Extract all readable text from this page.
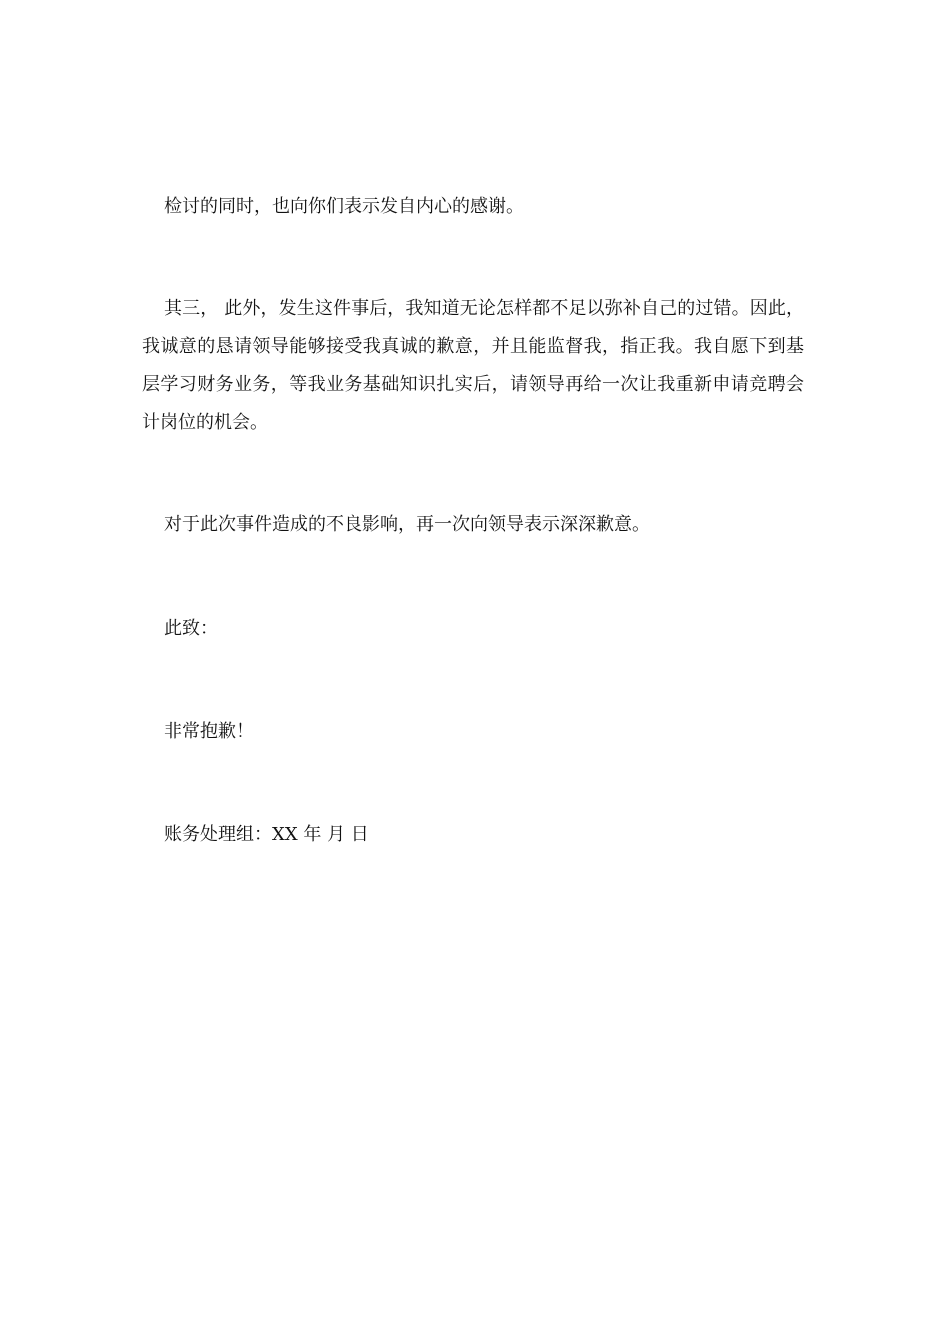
检讨的同时，也向你们表示发自内心的感谢。

其三， 此外，发生这件事后，我知道无论怎样都不足以弥补自己的过错。因此，我诚意的恳请领导能够接受我真诚的歉意，并且能监督我，指正我。我自愿下到基层学习财务业务，等我业务基础知识扎实后，请领导再给一次让我重新申请竞聘会计岗位的机会。

对于此次事件造成的不良影响，再一次向领导表示深深歉意。

此致：

非常抱歉！

账务处理组：XX 年 月 日
